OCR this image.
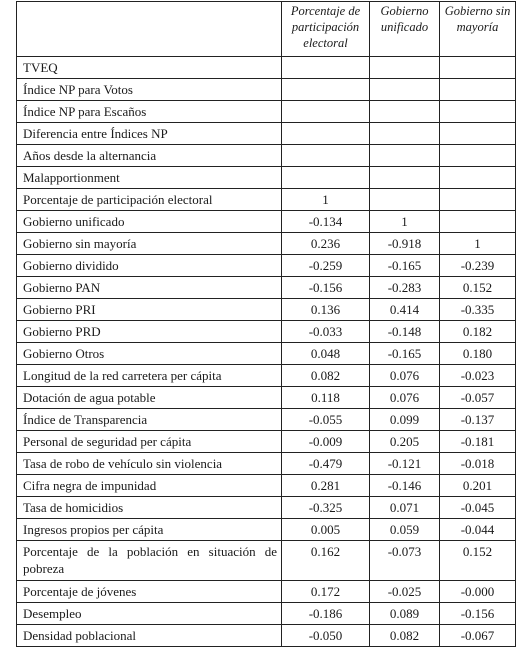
	Porcentaje de participación electoral	Gobierno unificado	Gobierno sin mayoría
TVEQ			
Índice NP para Votos			
Índice NP para Escaños			
Diferencia entre Índices NP			
Años desde la alternancia			
Malapportionment			
Porcentaje de participación electoral	1		
Gobierno unificado	-0.134	1	
Gobierno sin mayoría	0.236	-0.918	1
Gobierno dividido	-0.259	-0.165	-0.239
Gobierno PAN	-0.156	-0.283	0.152
Gobierno PRI	0.136	0.414	-0.335
Gobierno PRD	-0.033	-0.148	0.182
Gobierno Otros	0.048	-0.165	0.180
Longitud de la red carretera per cápita	0.082	0.076	-0.023
Dotación de agua potable	0.118	0.076	-0.057
Índice de Transparencia	-0.055	0.099	-0.137
Personal de seguridad per cápita	-0.009	0.205	-0.181
Tasa de robo de vehículo sin violencia	-0.479	-0.121	-0.018
Cifra negra de impunidad	0.281	-0.146	0.201
Tasa de homicidios	-0.325	0.071	-0.045
Ingresos propios per cápita	0.005	0.059	-0.044
Porcentaje de la población en situación de pobreza	0.162	-0.073	0.152
Porcentaje de jóvenes	0.172	-0.025	-0.000
Desempleo	-0.186	0.089	-0.156
Densidad poblacional	-0.050	0.082	-0.067
